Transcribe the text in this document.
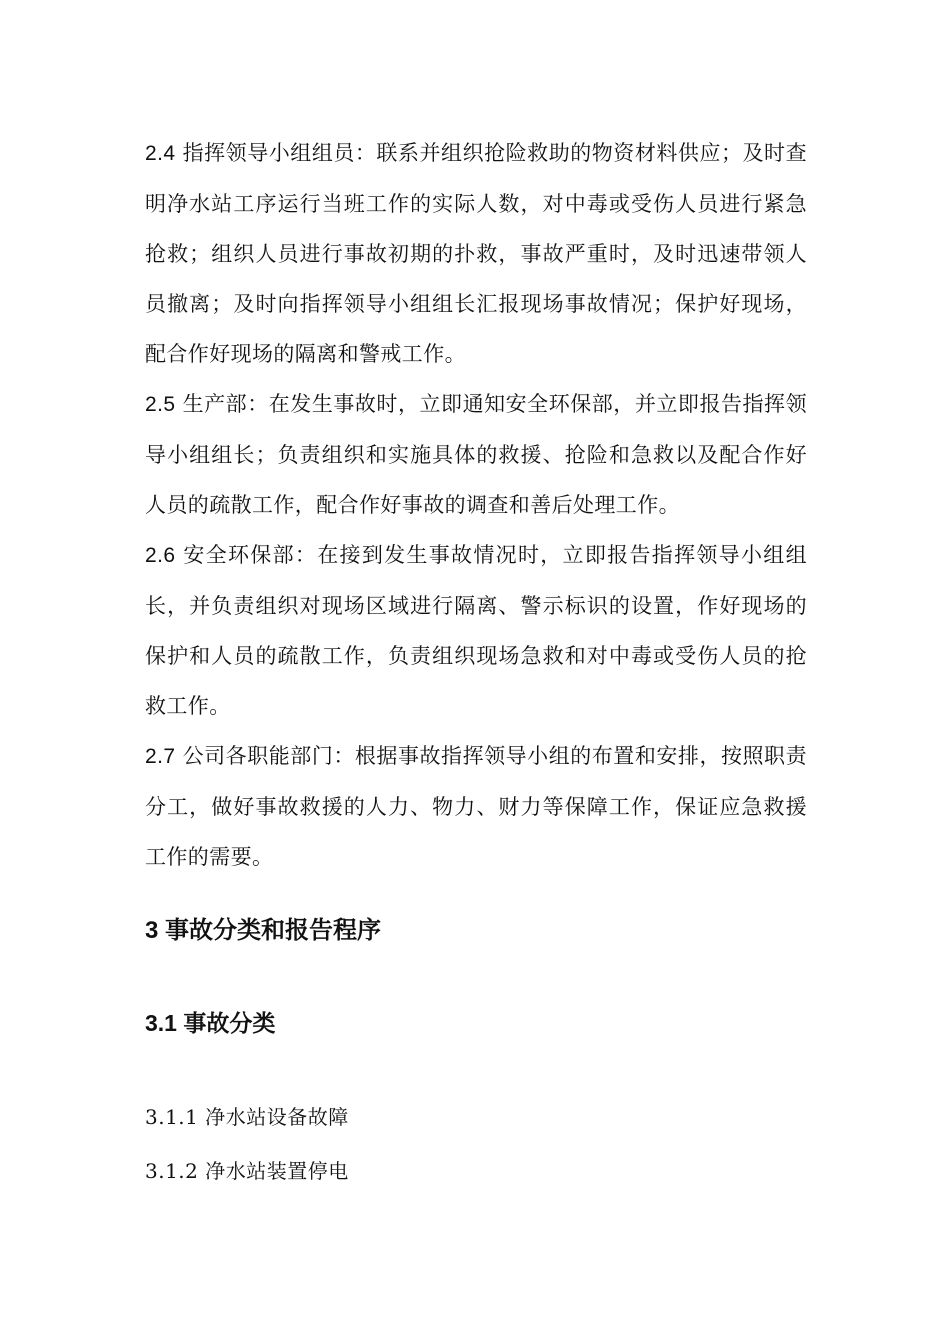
2.4 指挥领导小组组员：联系并组织抢险救助的物资材料供应；及时查明净水站工序运行当班工作的实际人数，对中毒或受伤人员进行紧急抢救；组织人员进行事故初期的扑救，事故严重时，及时迅速带领人员撤离；及时向指挥领导小组组长汇报现场事故情况；保护好现场，配合作好现场的隔离和警戒工作。

2.5 生产部：在发生事故时，立即通知安全环保部，并立即报告指挥领导小组组长；负责组织和实施具体的救援、抢险和急救以及配合作好人员的疏散工作，配合作好事故的调查和善后处理工作。

2.6 安全环保部：在接到发生事故情况时，立即报告指挥领导小组组长，并负责组织对现场区域进行隔离、警示标识的设置，作好现场的保护和人员的疏散工作，负责组织现场急救和对中毒或受伤人员的抢救工作。

2.7 公司各职能部门：根据事故指挥领导小组的布置和安排，按照职责分工，做好事故救援的人力、物力、财力等保障工作，保证应急救援工作的需要。

3 事故分类和报告程序
3.1 事故分类

3.1.1 净水站设备故障

3.1.2 净水站装置停电
